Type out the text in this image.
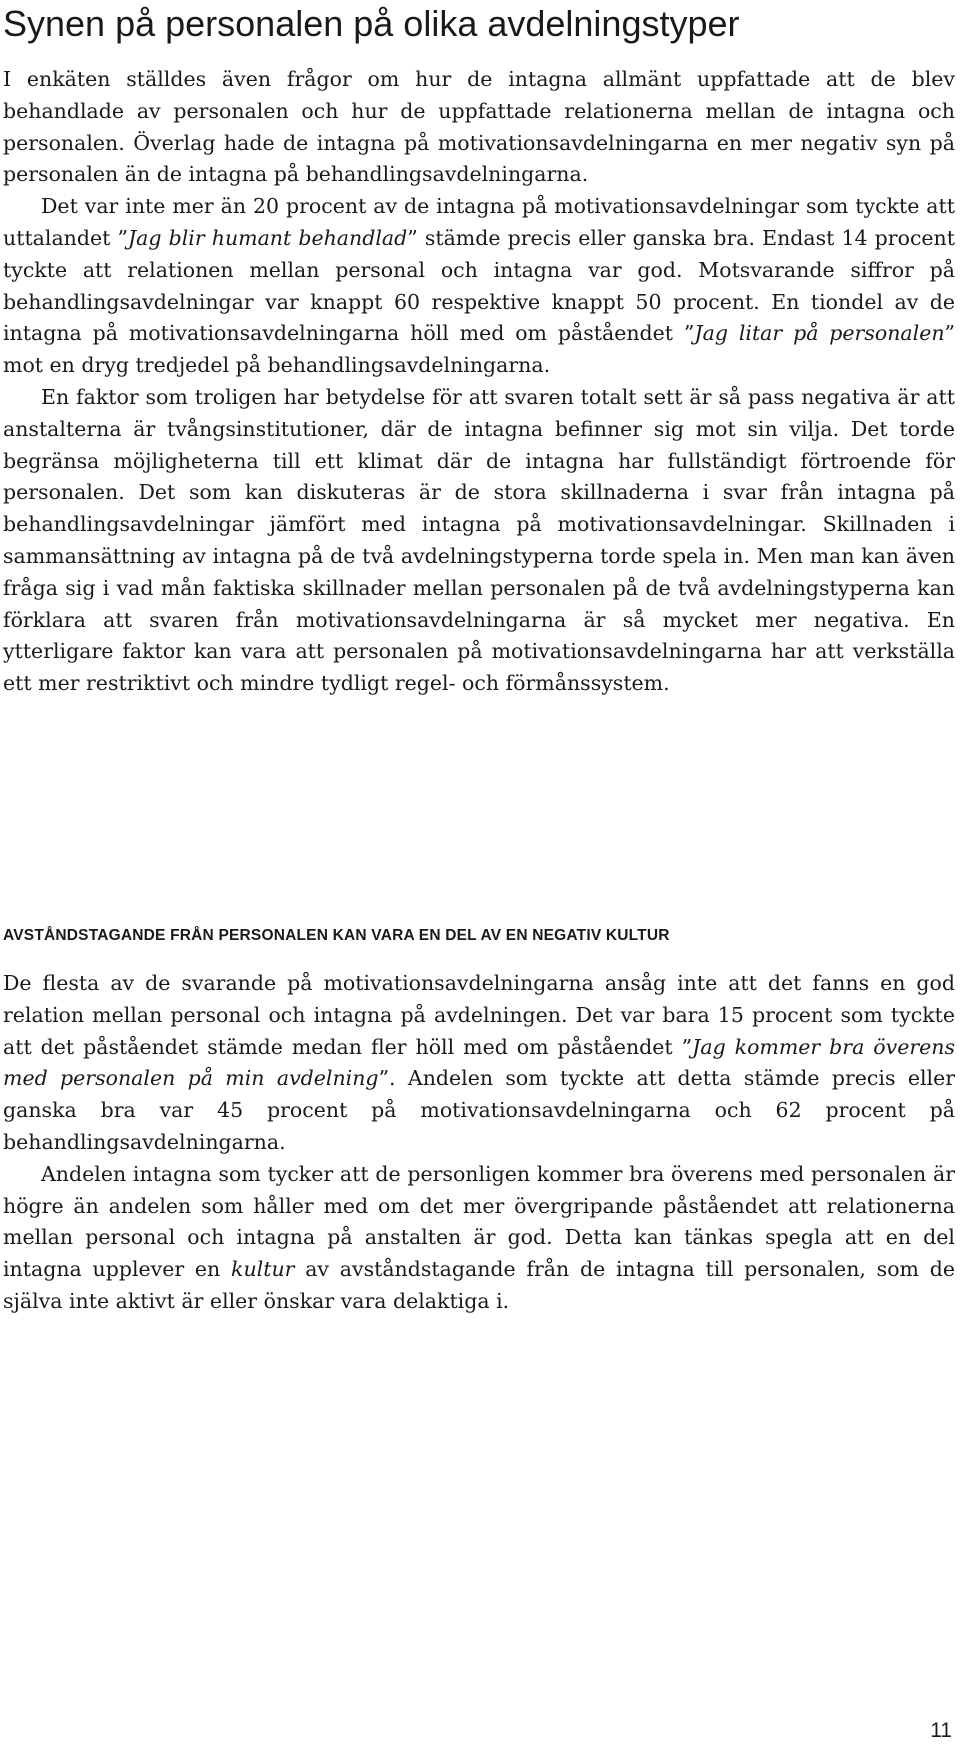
Synen på personalen på olika avdelningstyper

I enkäten ställdes även frågor om hur de intagna allmänt uppfattade att de blev behandlade av personalen och hur de uppfattade relationerna mellan de intagna och personalen. Överlag hade de intagna på motivationsavdelningarna en mer negativ syn på personalen än de intagna på behandlingsavdelningarna.

Det var inte mer än 20 procent av de intagna på motivationsavdelningar som tyckte att uttalandet ”Jag blir humant behandlad” stämde precis eller ganska bra. Endast 14 procent tyckte att relationen mellan personal och intagna var god. Motsvarande siffror på behandlingsavdelningar var knappt 60 respektive knappt 50 procent. En tiondel av de intagna på motivationsavdelningarna höll med om påståendet ”Jag litar på personalen” mot en dryg tredjedel på behandlingsavdelningarna.

En faktor som troligen har betydelse för att svaren totalt sett är så pass negativa är att anstalterna är tvångsinstitutioner, där de intagna befinner sig mot sin vilja. Det torde begränsa möjligheterna till ett klimat där de intagna har fullständigt förtroende för personalen. Det som kan diskuteras är de stora skillnaderna i svar från intagna på behandlingsavdelningar jämfört med intagna på motivationsavdelningar. Skillnaden i sammansättning av intagna på de två avdelningstyperna torde spela in. Men man kan även fråga sig i vad mån faktiska skillnader mellan personalen på de två avdelningstyperna kan förklara att svaren från motivationsavdelningarna är så mycket mer negativa. En ytterligare faktor kan vara att personalen på motivationsavdelningarna har att verkställa ett mer restriktivt och mindre tydligt regel- och förmånssystem.

AVSTÅNDSTAGANDE FRÅN PERSONALEN KAN VARA EN DEL AV EN NEGATIV KULTUR

De flesta av de svarande på motivationsavdelningarna ansåg inte att det fanns en god relation mellan personal och intagna på avdelningen. Det var bara 15 procent som tyckte att det påståendet stämde medan fler höll med om påståendet ”Jag kommer bra överens med personalen på min avdelning”. Andelen som tyckte att detta stämde precis eller ganska bra var 45 procent på motivationsavdelningarna och 62 procent på behandlingsavdelningarna.

Andelen intagna som tycker att de personligen kommer bra överens med personalen är högre än andelen som håller med om det mer övergripande påståendet att relationerna mellan personal och intagna på anstalten är god. Detta kan tänkas spegla att en del intagna upplever en kultur av avståndstagande från de intagna till personalen, som de själva inte aktivt är eller önskar vara delaktiga i.

11
